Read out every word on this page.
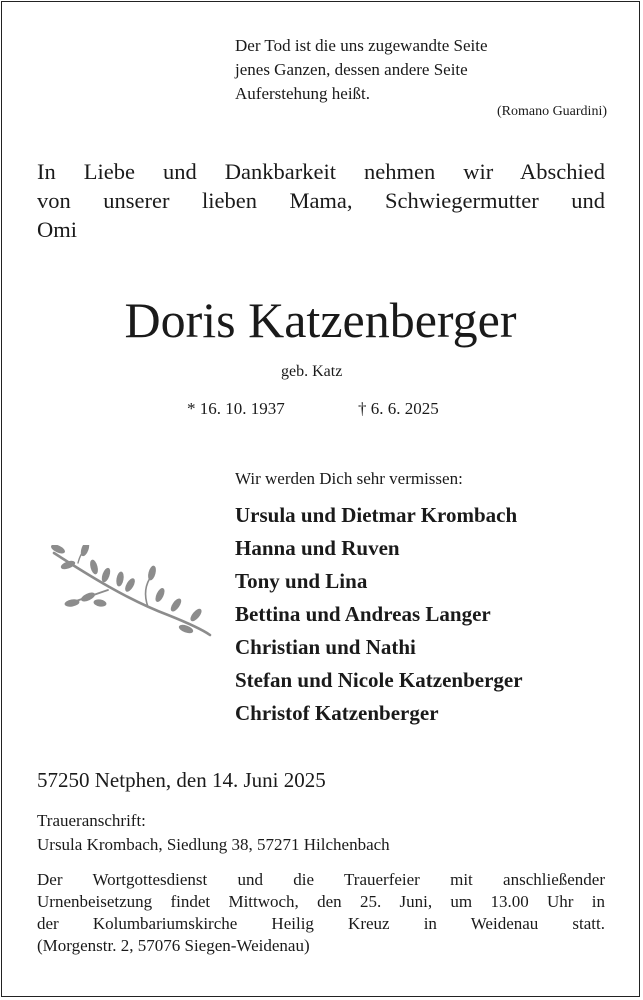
Der Tod ist die uns zugewandte Seite
jenes Ganzen, dessen andere Seite
Auferstehung heißt.
(Romano Guardini)
In Liebe und Dankbarkeit nehmen wir Abschied
von unserer lieben Mama, Schwiegermutter und
Omi
Doris Katzenberger
geb. Katz
* 16. 10. 1937	† 6. 6. 2025
Wir werden Dich sehr vermissen:
Ursula und Dietmar Krombach
Hanna und Ruven
Tony und Lina
Bettina und Andreas Langer
Christian und Nathi
Stefan und Nicole Katzenberger
Christof Katzenberger
57250 Netphen, den 14. Juni 2025
Traueranschrift:
Ursula Krombach, Siedlung 38, 57271 Hilchenbach
Der Wortgottesdienst und die Trauerfeier mit anschließender
Urnenbeisetzung findet Mittwoch, den 25. Juni, um 13.00 Uhr in
der Kolumbariumskirche Heilig Kreuz in Weidenau statt.
(Morgenstr. 2, 57076 Siegen-Weidenau)
